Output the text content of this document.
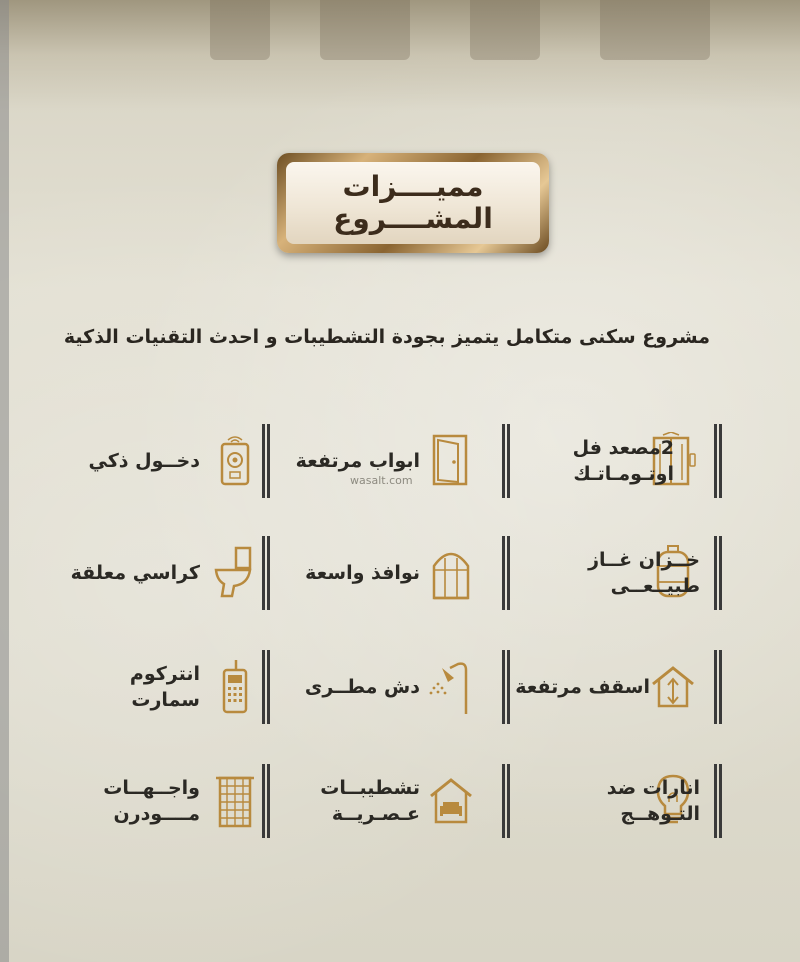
مميــــزات
المشــــروع
مشروع سكنى متكامل يتميز بجودة التشطيبات و احدث التقنيات الذكية
wasalt.com
2مصعد فل
اوتـومـاتـك
ابواب مرتفعة
دخــول ذكي
خــزان غــاز
طبيــعــى
نوافذ واسعة
كراسي معلقة
اسقف مرتفعة
دش مطــرى
انتركوم سمارت
انارات ضد
التـوهــج
تشطيبــات
عـصـريــة
واجــهــات
مــــودرن
